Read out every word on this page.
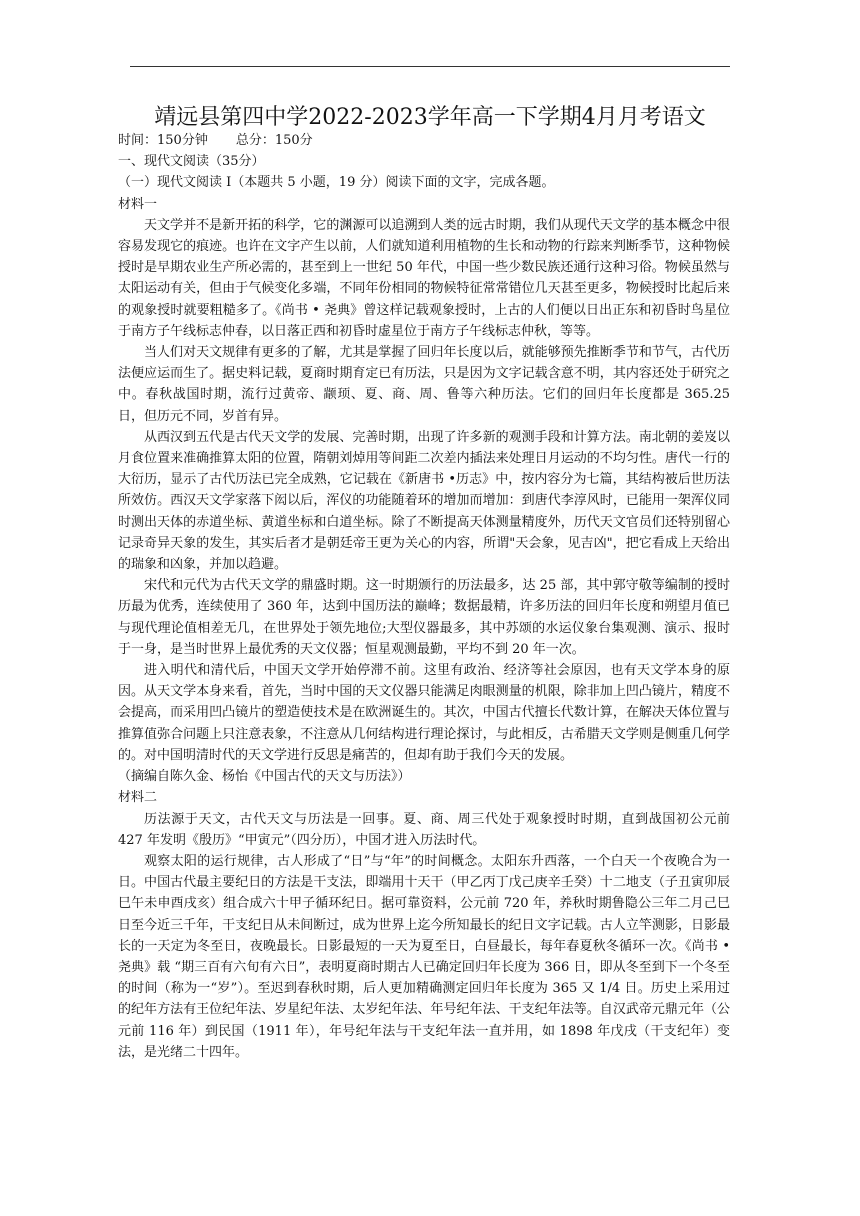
靖远县第四中学2022-2023学年高一下学期4月月考语文

时间：150分钟 总分：150分

一、现代文阅读（35分）

（一）现代文阅读 I（本题共 5 小题，19 分）阅读下面的文字，完成各题。

材料一

天文学并不是新开拓的科学，它的渊源可以追溯到人类的远古时期，我们从现代天文学的基本概念中很容易发现它的痕迹。也许在文字产生以前，人们就知道利用植物的生长和动物的行踪来判断季节，这种物候授时是早期农业生产所必需的，甚至到上一世纪 50 年代，中国一些少数民族还通行这种习俗。物候虽然与太阳运动有关，但由于气候变化多端，不同年份相同的物候特征常常错位几天甚至更多，物候授时比起后来的观象授时就要粗糙多了。《尚书 • 尧典》曾这样记载观象授时，上古的人们便以日出正东和初昏时鸟星位于南方子午线标志仲春，以日落正西和初昏时虚星位于南方子午线标志仲秋，等等。

当人们对天文规律有更多的了解，尤其是掌握了回归年长度以后，就能够预先推断季节和节气，古代历法便应运而生了。据史料记载，夏商时期育定已有历法，只是因为文字记载含意不明，其内容还处于研究之中。春秋战国时期，流行过黄帝、颛顼、夏、商、周、鲁等六种历法。它们的回归年长度都是 365.25 日，但历元不同，岁首有异。

从西汉到五代是古代天文学的发展、完善时期，出现了许多新的观测手段和计算方法。南北朝的姜岌以月食位置来准确推算太阳的位置，隋朝刘焯用等间距二次差内插法来处理日月运动的不均匀性。唐代一行的大衍历，显示了古代历法已完全成熟，它记载在《新唐书 •历志》中，按内容分为七篇，其结构被后世历法所效仿。西汉天文学家落下闳以后，浑仪的功能随着环的增加而增加：到唐代李淳风时，已能用一架浑仪同时测出天体的赤道坐标、黄道坐标和白道坐标。除了不断提高天体测量精度外，历代天文官员们还特别留心记录奇异天象的发生，其实后者才是朝廷帝王更为关心的内容，所谓"天会象，见吉凶"，把它看成上天给出的瑞象和凶象，并加以趋避。

宋代和元代为古代天文学的鼎盛时期。这一时期颁行的历法最多，达 25 部，其中郭守敬等编制的授时历最为优秀，连续使用了 360 年，达到中国历法的巅峰；数据最精，许多历法的回归年长度和朔望月值已与现代理论值相差无几，在世界处于领先地位;大型仪器最多，其中苏颂的水运仪象台集观测、演示、报时于一身，是当时世界上最优秀的天文仪器；恒星观测最勤，平均不到 20 年一次。

进入明代和清代后，中国天文学开始停滞不前。这里有政治、经济等社会原因，也有天文学本身的原因。从天文学本身来看，首先，当时中国的天文仪器只能满足肉眼测量的机限，除非加上凹凸镜片，精度不会提高，而采用凹凸镜片的塑造使技术是在欧洲诞生的。其次，中国古代擅长代数计算，在解决天体位置与推算值弥合问题上只注意表象，不注意从几何结构进行理论探讨，与此相反，古希腊天文学则是侧重几何学的。对中国明清时代的天文学进行反思是痛苦的，但却有助于我们今天的发展。

（摘编自陈久金、杨怡《中国古代的天文与历法》）

材料二

历法源于天文，古代天文与历法是一回事。夏、商、周三代处于观象授时时期，直到战国初公元前 427 年发明《殷历》“甲寅元”（四分历），中国才进入历法时代。

观察太阳的运行规律，古人形成了“日”与“年”的时间概念。太阳东升西落，一个白天一个夜晚合为一日。中国古代最主要纪日的方法是干支法，即端用十天干（甲乙丙丁戊己庚辛壬癸）十二地支（子丑寅卯辰巳午未申酉戌亥）组合成六十甲子循环纪日。据可靠资料，公元前 720 年，养秋时期鲁隐公三年二月己巳日至今近三千年，干支纪日从未间断过，成为世界上迄今所知最长的纪日文字记载。古人立竿测影，日影最长的一天定为冬至日，夜晚最长。日影最短的一天为夏至日，白昼最长，每年春夏秋冬循环一次。《尚书 • 尧典》载 “期三百有六旬有六日”，表明夏商时期古人已确定回归年长度为 366 日，即从冬至到下一个冬至的时间（称为一“岁”）。至迟到春秋时期，后人更加精确测定回归年长度为 365 又 1/4 日。历史上采用过的纪年方法有王位纪年法、岁星纪年法、太岁纪年法、年号纪年法、干支纪年法等。自汉武帝元鼎元年（公元前 116 年）到民国（1911 年），年号纪年法与干支纪年法一直并用，如 1898 年戊戌（干支纪年）变法，是光绪二十四年。
